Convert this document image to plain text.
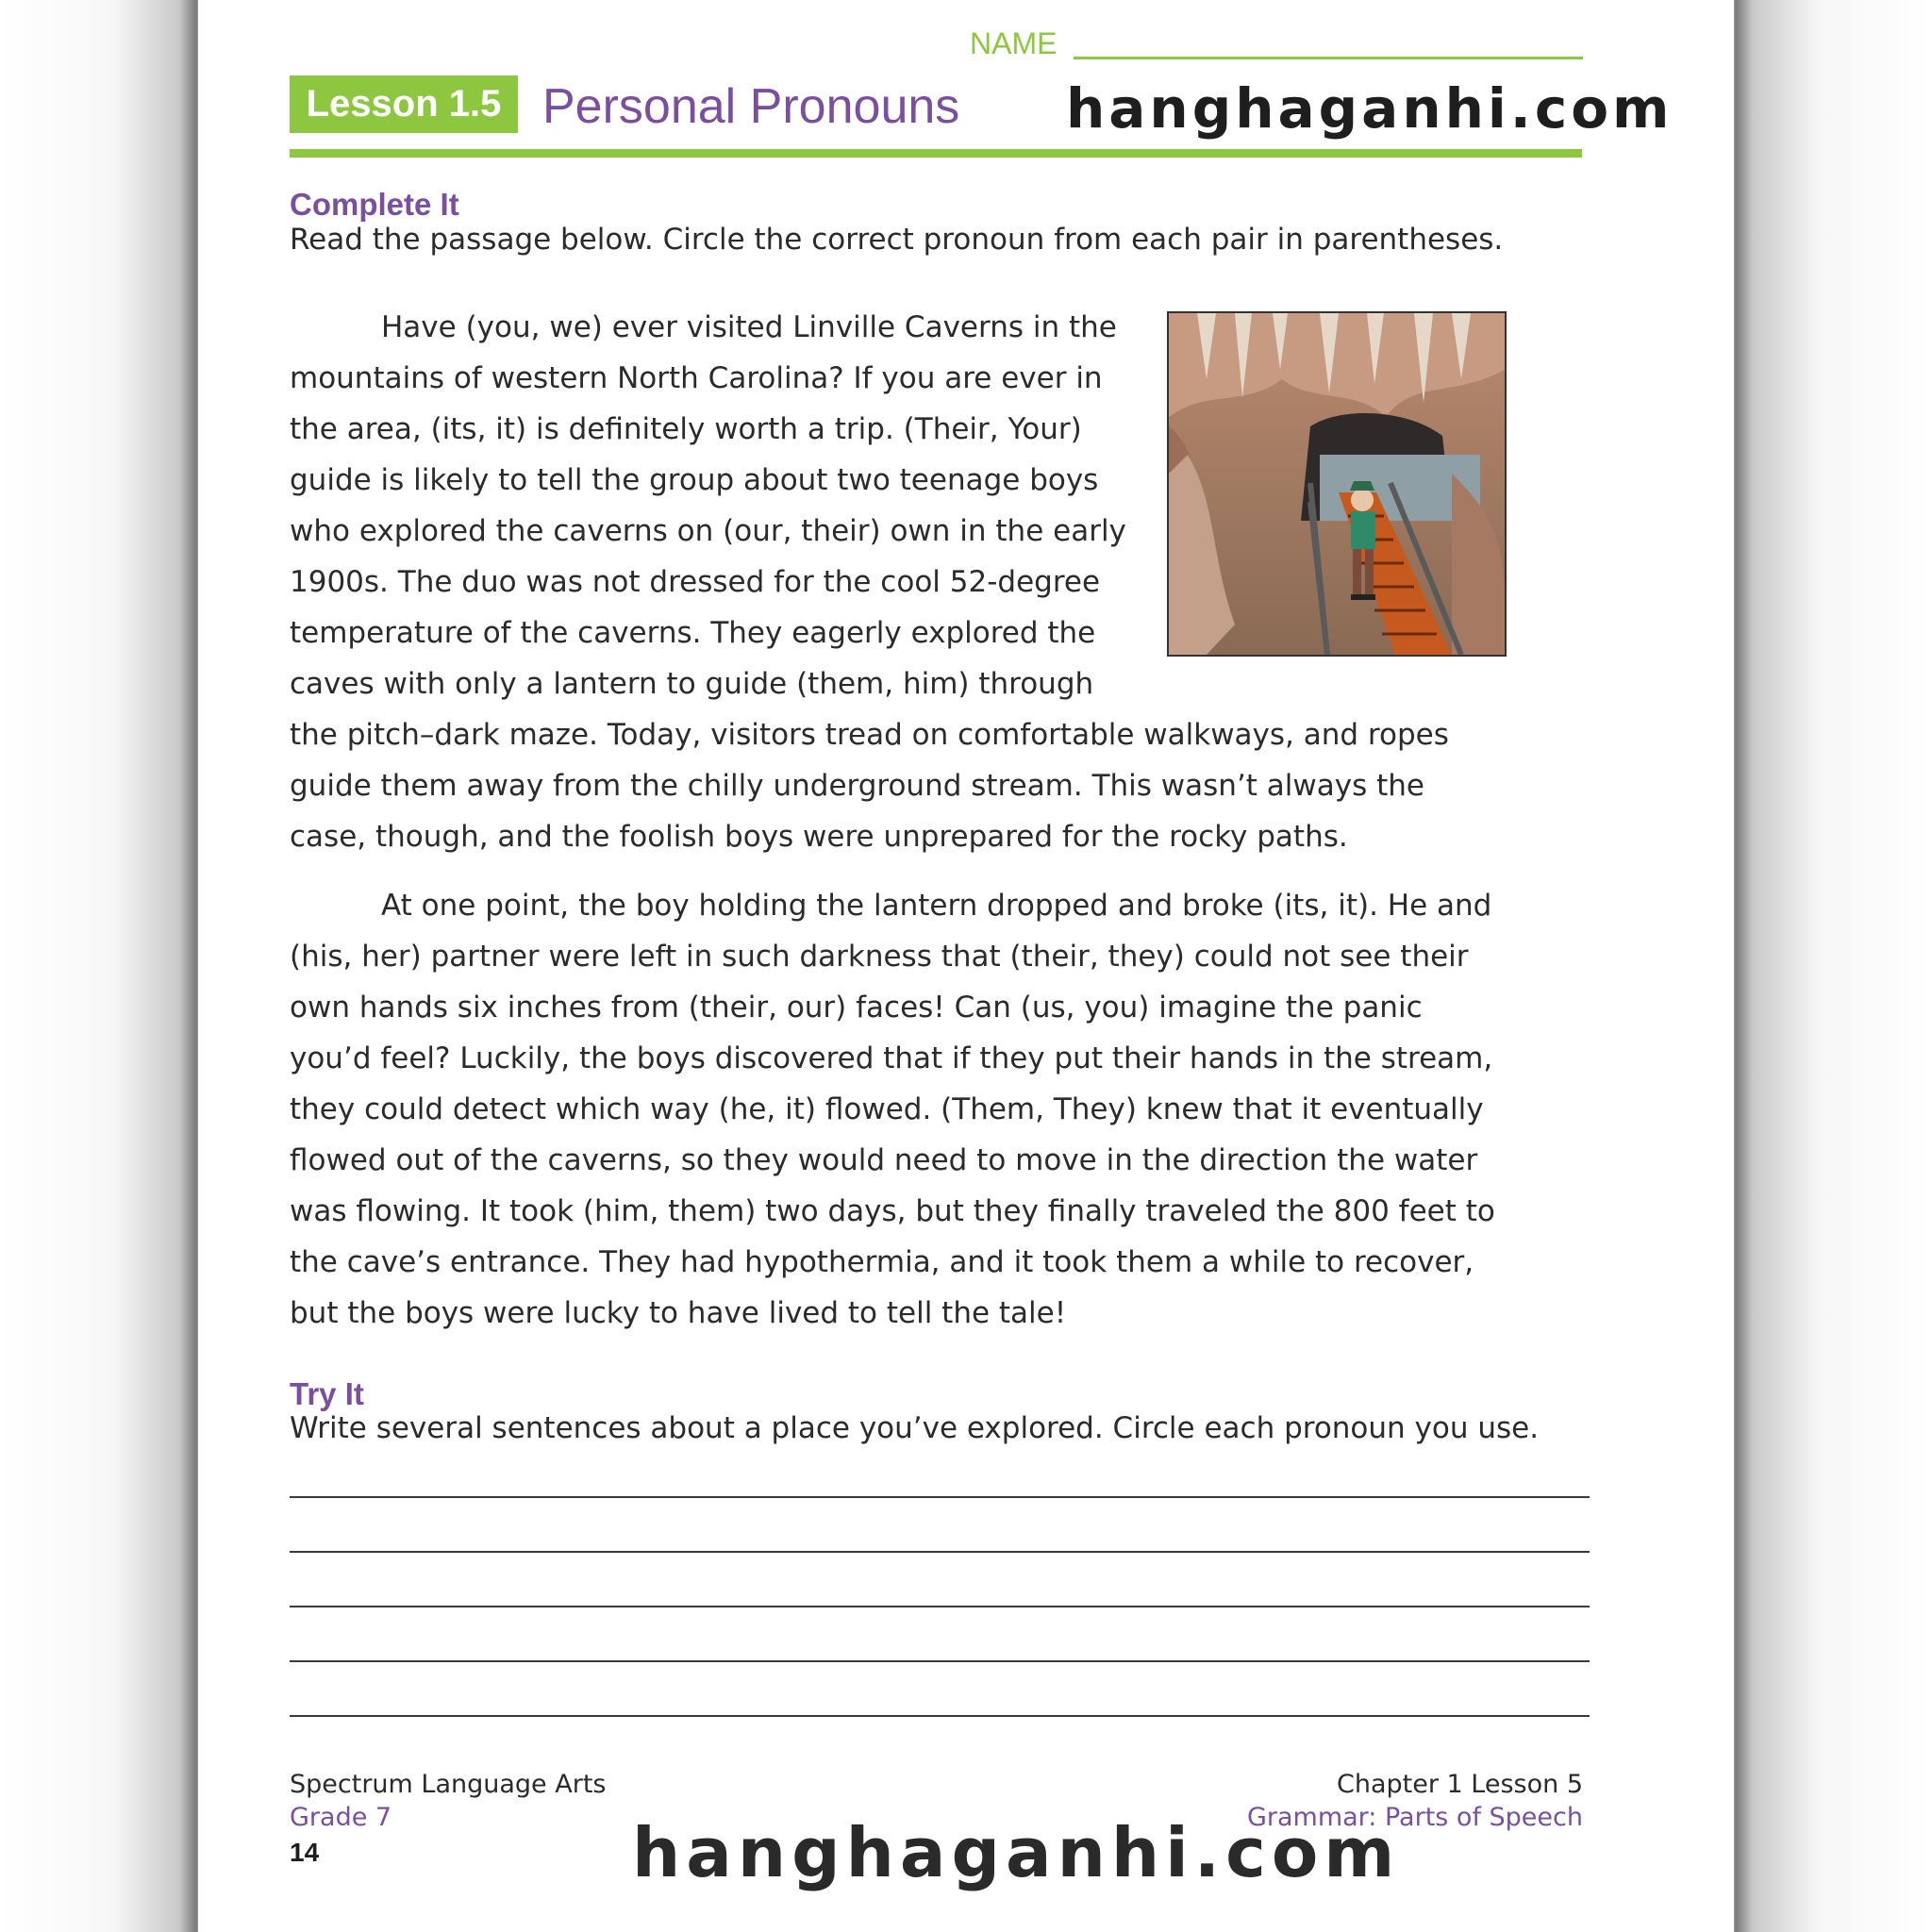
NAME
Lesson 1.5 Personal Pronouns hanghaganhi.com
Complete It
Read the passage below. Circle the correct pronoun from each pair in parentheses.

Have (you, we) ever visited Linville Caverns in the mountains of western North Carolina? If you are ever in the area, (its, it) is definitely worth a trip. (Their, Your) guide is likely to tell the group about two teenage boys who explored the caverns on (our, their) own in the early 1900s. The duo was not dressed for the cool 52-degree temperature of the caverns. They eagerly explored the caves with only a lantern to guide (them, him) through the pitch–dark maze. Today, visitors tread on comfortable walkways, and ropes guide them away from the chilly underground stream. This wasn’t always the case, though, and the foolish boys were unprepared for the rocky paths.

At one point, the boy holding the lantern dropped and broke (its, it). He and (his, her) partner were left in such darkness that (their, they) could not see their own hands six inches from (their, our) faces! Can (us, you) imagine the panic you’d feel? Luckily, the boys discovered that if they put their hands in the stream, they could detect which way (he, it) flowed. (Them, They) knew that it eventually flowed out of the caverns, so they would need to move in the direction the water was flowing. It took (him, them) two days, but they finally traveled the 800 feet to the cave’s entrance. They had hypothermia, and it took them a while to recover, but the boys were lucky to have lived to tell the tale!

Try It
Write several sentences about a place you’ve explored. Circle each pronoun you use.
Spectrum Language Arts
Grade 7
14
Chapter 1 Lesson 5
Grammar: Parts of Speech
hanghaganhi.com
